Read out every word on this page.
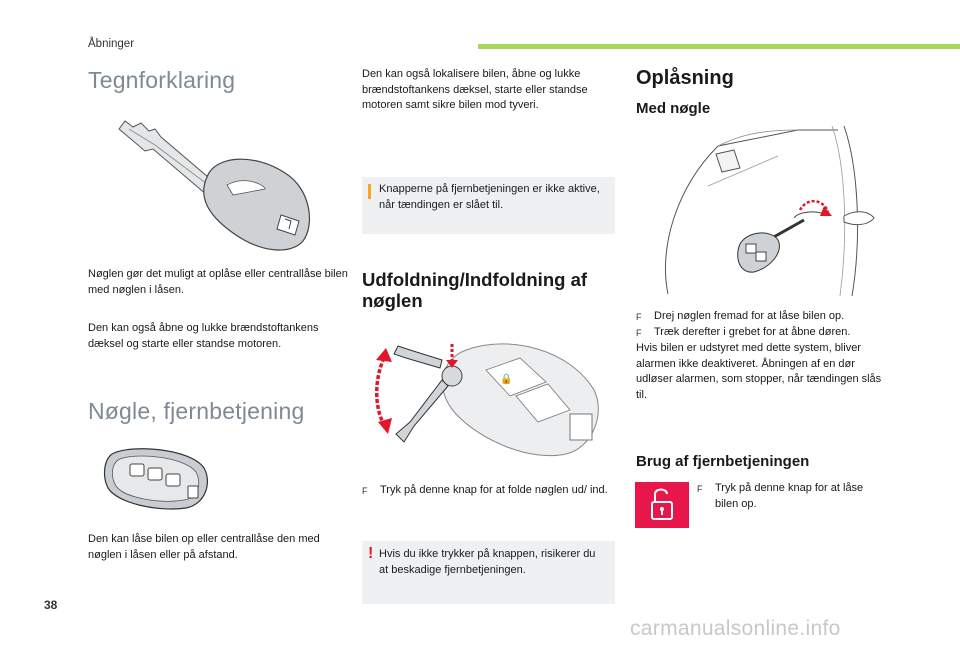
Åbninger
Tegnforklaring
Nøglen gør det muligt at oplåse eller centrallåse bilen med nøglen i låsen.
Den kan også åbne og lukke brændstoftankens dæksel og starte eller standse motoren.
Nøgle, fjernbetjening
Den kan låse bilen op eller centrallåse den med nøglen i låsen eller på afstand.
Den kan også lokalisere bilen, åbne og lukke brændstoftankens dæksel, starte eller standse motoren samt sikre bilen mod tyveri.
Knapperne på fjernbetjeningen er ikke aktive, når tændingen er slået til.
Udfoldning/Indfoldning af nøglen
🔒
F Tryk på denne knap for at folde nøglen ud/ ind.
! Hvis du ikke trykker på knappen, risikerer du at beskadige fjernbetjeningen.
Oplåsning
Med nøgle
F Drej nøglen fremad for at låse bilen op.
F Træk derefter i grebet for at åbne døren.
Hvis bilen er udstyret med dette system, bliver alarmen ikke deaktiveret. Åbningen af en dør udløser alarmen, som stopper, når tændingen slås til.
Brug af fjernbetjeningen
F Tryk på denne knap for at låse bilen op.
38
carmanualsonline.info
